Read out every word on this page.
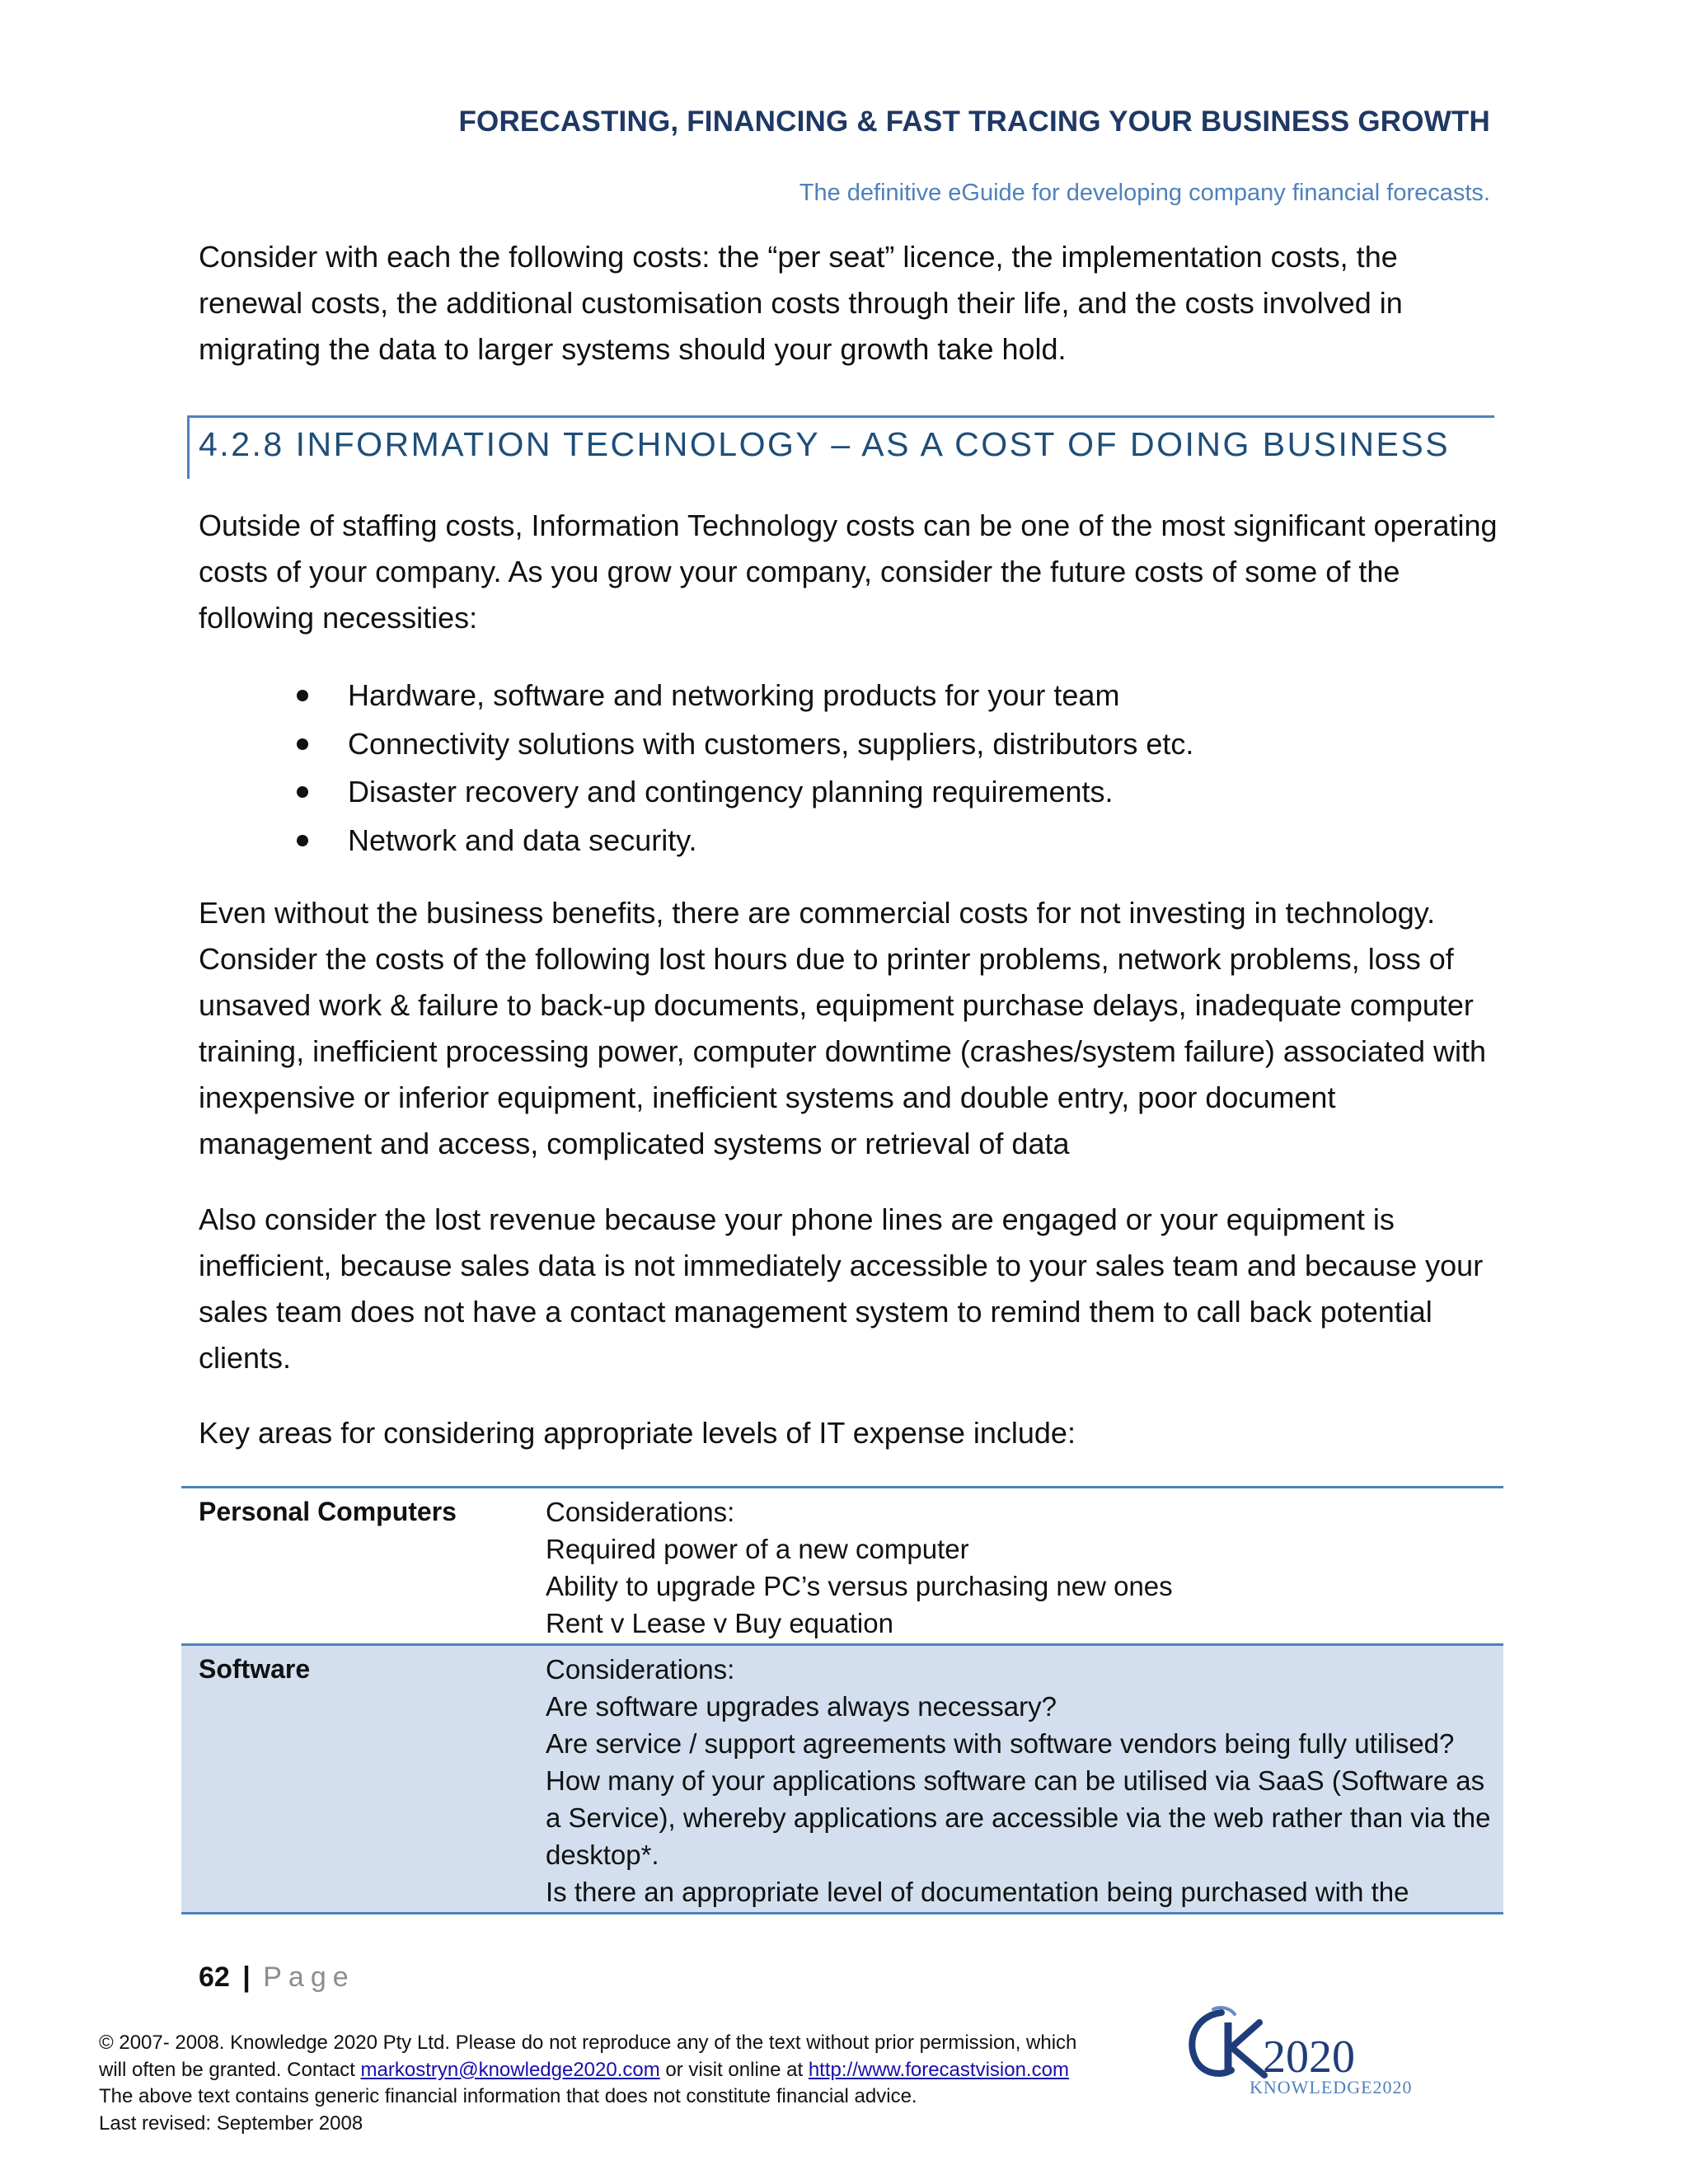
FORECASTING, FINANCING & FAST TRACING YOUR BUSINESS GROWTH
The definitive eGuide for developing company financial forecasts.

Consider with each the following costs: the “per seat” licence, the implementation costs, the renewal costs, the additional customisation costs through their life, and the costs involved in migrating the data to larger systems should your growth take hold.

4.2.8 INFORMATION TECHNOLOGY – AS A COST OF DOING BUSINESS

Outside of staffing costs, Information Technology costs can be one of the most significant operating costs of your company. As you grow your company, consider the future costs of some of the following necessities:

Hardware, software and networking products for your team
Connectivity solutions with customers, suppliers, distributors etc.
Disaster recovery and contingency planning requirements.
Network and data security.

Even without the business benefits, there are commercial costs for not investing in technology. Consider the costs of the following lost hours due to printer problems, network problems, loss of unsaved work & failure to back-up documents, equipment purchase delays, inadequate computer training, inefficient processing power, computer downtime (crashes/system failure) associated with inexpensive or inferior equipment, inefficient systems and double entry, poor document management and access, complicated systems or retrieval of data

Also consider the lost revenue because your phone lines are engaged or your equipment is inefficient, because sales data is not immediately accessible to your sales team and because your sales team does not have a contact management system to remind them to call back potential clients.

Key areas for considering appropriate levels of IT expense include:

Personal Computers	Considerations:
Required power of a new computer
Ability to upgrade PC’s versus purchasing new ones
Rent v Lease v Buy equation
Software	Considerations:
Are software upgrades always necessary?
Are service / support agreements with software vendors being fully utilised?
How many of your applications software can be utilised via SaaS (Software as a Service), whereby applications are accessible via the web rather than via the desktop*.
Is there an appropriate level of documentation being purchased with the
62 | Page
© 2007- 2008. Knowledge 2020 Pty Ltd. Please do not reproduce any of the text without prior permission, which
will often be granted. Contact markostryn@knowledge2020.com or visit online at http://www.forecastvision.com
The above text contains generic financial information that does not constitute financial advice.
Last revised: September 2008
2020
KNOWLEDGE2020
